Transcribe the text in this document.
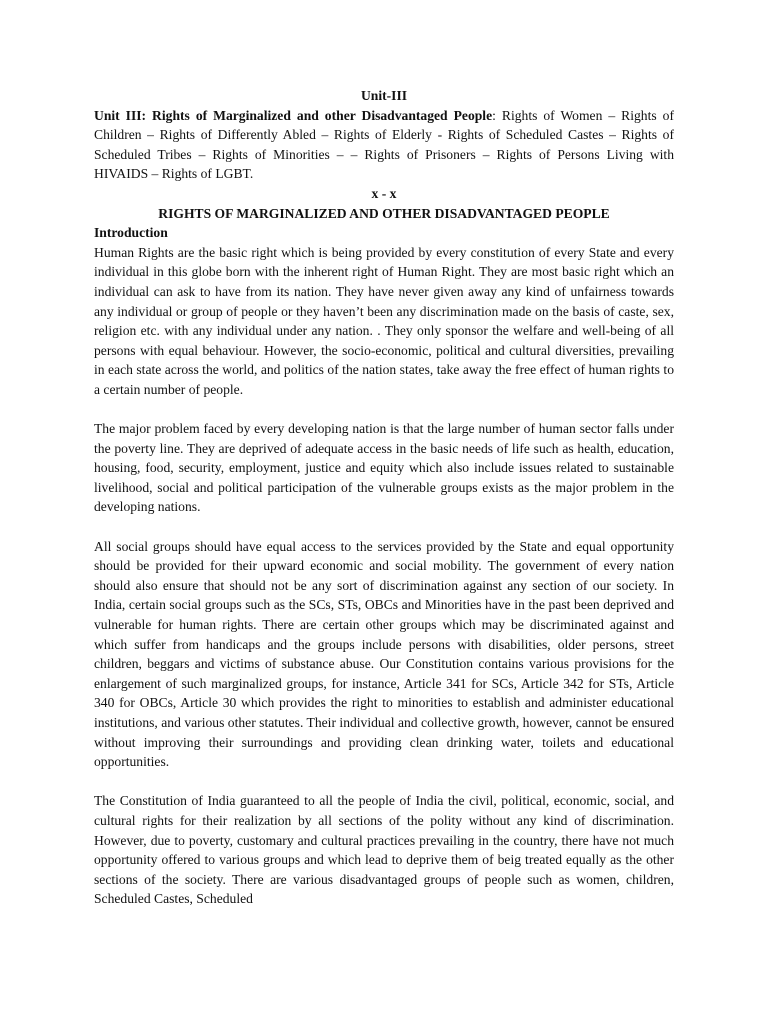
Unit-III

Unit III: Rights of Marginalized and other Disadvantaged People: Rights of Women – Rights of Children – Rights of Differently Abled – Rights of Elderly - Rights of Scheduled Castes – Rights of Scheduled Tribes – Rights of Minorities – – Rights of Prisoners – Rights of Persons Living with HIVAIDS – Rights of LGBT.

x - x
RIGHTS OF MARGINALIZED AND OTHER DISADVANTAGED PEOPLE
Introduction

Human Rights are the basic right which is being provided by every constitution of every State and every individual in this globe born with the inherent right of Human Right. They are most basic right which an individual can ask to have from its nation. They have never given away any kind of unfairness towards any individual or group of people or they haven’t been any discrimination made on the basis of caste, sex, religion etc. with any individual under any nation. . They only sponsor the welfare and well-being of all persons with equal behaviour. However, the socio-economic, political and cultural diversities, prevailing in each state across the world, and politics of the nation states, take away the free effect of human rights to a certain number of people.

The major problem faced by every developing nation is that the large number of human sector falls under the poverty line. They are deprived of adequate access in the basic needs of life such as health, education, housing, food, security, employment, justice and equity which also include issues related to sustainable livelihood, social and political participation of the vulnerable groups exists as the major problem in the developing nations.

All social groups should have equal access to the services provided by the State and equal opportunity should be provided for their upward economic and social mobility. The government of every nation should also ensure that should not be any sort of discrimination against any section of our society. In India, certain social groups such as the SCs, STs, OBCs and Minorities have in the past been deprived and vulnerable for human rights. There are certain other groups which may be discriminated against and which suffer from handicaps and the groups include persons with disabilities, older persons, street children, beggars and victims of substance abuse. Our Constitution contains various provisions for the enlargement of such marginalized groups, for instance, Article 341 for SCs, Article 342 for STs, Article 340 for OBCs, Article 30 which provides the right to minorities to establish and administer educational institutions, and various other statutes. Their individual and collective growth, however, cannot be ensured without improving their surroundings and providing clean drinking water, toilets and educational opportunities.

The Constitution of India guaranteed to all the people of India the civil, political, economic, social, and cultural rights for their realization by all sections of the polity without any kind of discrimination. However, due to poverty, customary and cultural practices prevailing in the country, there have not much opportunity offered to various groups and which lead to deprive them of beig treated equally as the other sections of the society. There are various disadvantaged groups of people such as women, children, Scheduled Castes, Scheduled
